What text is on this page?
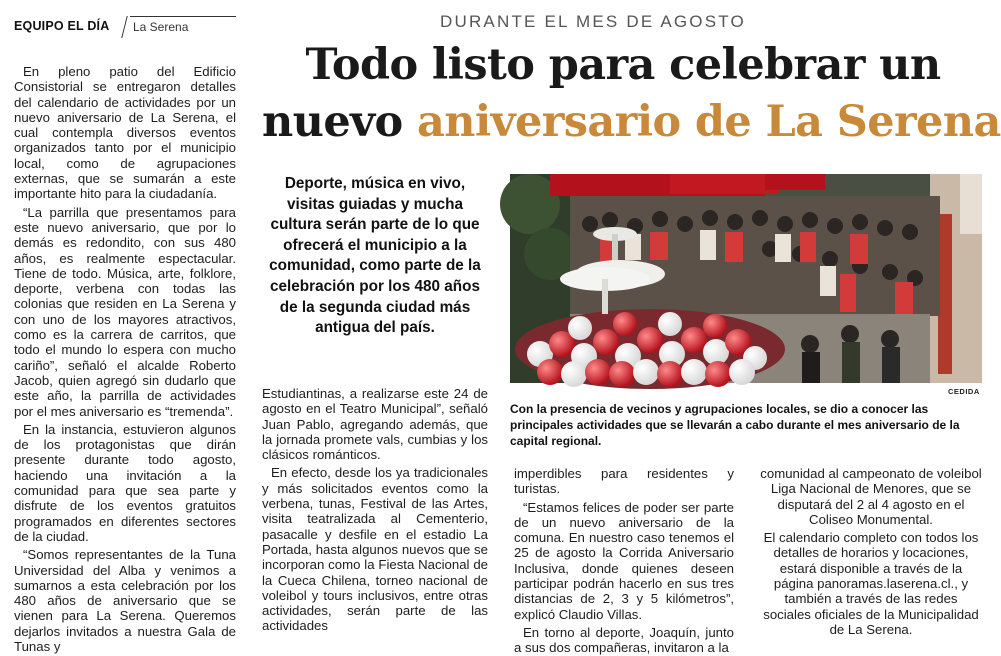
EQUIPO EL DÍA La Serena	DURANTE EL MES DE AGOSTO
Todo listo para celebrar un
nuevo aniversario de La Serena

En pleno patio del Edificio Consistorial se entregaron detalles del calendario de actividades por un nuevo aniversario de La Serena, el cual contempla diversos eventos organizados tanto por el municipio local, como de agrupaciones externas, que se sumarán a este importante hito para la ciudadanía.

“La parrilla que presentamos para este nuevo aniversario, que por lo demás es redondito, con sus 480 años, es realmente espectacular. Tiene de todo. Música, arte, folklore, deporte, verbena con todas las colonias que residen en La Serena y con uno de los mayores atractivos, como es la carrera de carritos, que todo el mundo lo espera con mucho cariño”, señaló el alcalde Roberto Jacob, quien agregó sin dudarlo que este año, la parrilla de actividades por el mes aniversario es “tremenda”.

En la instancia, estuvieron algunos de los protagonistas que dirán presente durante todo agosto, haciendo una invitación a la comunidad para que sea parte y disfrute de los eventos gratuitos programados en diferentes sectores de la ciudad.

“Somos representantes de la Tuna Universidad del Alba y venimos a sumarnos a esta celebración por los 480 años de aniversario que se vienen para La Serena. Queremos dejarlos invitados a nuestra Gala de Tunas y

Deporte, música en vivo, visitas guiadas y mucha cultura serán parte de lo que ofrecerá el municipio a la comunidad, como parte de la celebración por los 480 años de la segunda ciudad más antigua del país.
CEDIDA
Con la presencia de vecinos y agrupaciones locales, se dio a conocer las principales actividades que se llevarán a cabo durante el mes aniversario de la capital regional.

Estudiantinas, a realizarse este 24 de agosto en el Teatro Municipal”, señaló Juan Pablo, agregando además, que la jornada promete vals, cumbias y los clásicos románticos.

En efecto, desde los ya tradicionales y más solicitados eventos como la verbena, tunas, Festival de las Artes, visita teatralizada al Cementerio, pasacalle y desfile en el estadio La Portada, hasta algunos nuevos que se incorporan como la Fiesta Nacional de la Cueca Chilena, torneo nacional de voleibol y tours inclusivos, entre otras actividades, serán parte de las actividades

imperdibles para residentes y turistas.

“Estamos felices de poder ser parte de un nuevo aniversario de la comuna. En nuestro caso tenemos el 25 de agosto la Corrida Aniversario Inclusiva, donde quienes deseen participar podrán hacerlo en sus tres distancias de 2, 3 y 5 kilómetros”, explicó Claudio Villas.

En torno al deporte, Joaquín, junto a sus dos compañeras, invitaron a la

comunidad al campeonato de voleibol Liga Nacional de Menores, que se disputará del 2 al 4 agosto en el Coliseo Monumental.

El calendario completo con todos los detalles de horarios y locaciones, estará disponible a través de la página panoramas.laserena.cl., y también a través de las redes sociales oficiales de la Municipalidad de La Serena.
